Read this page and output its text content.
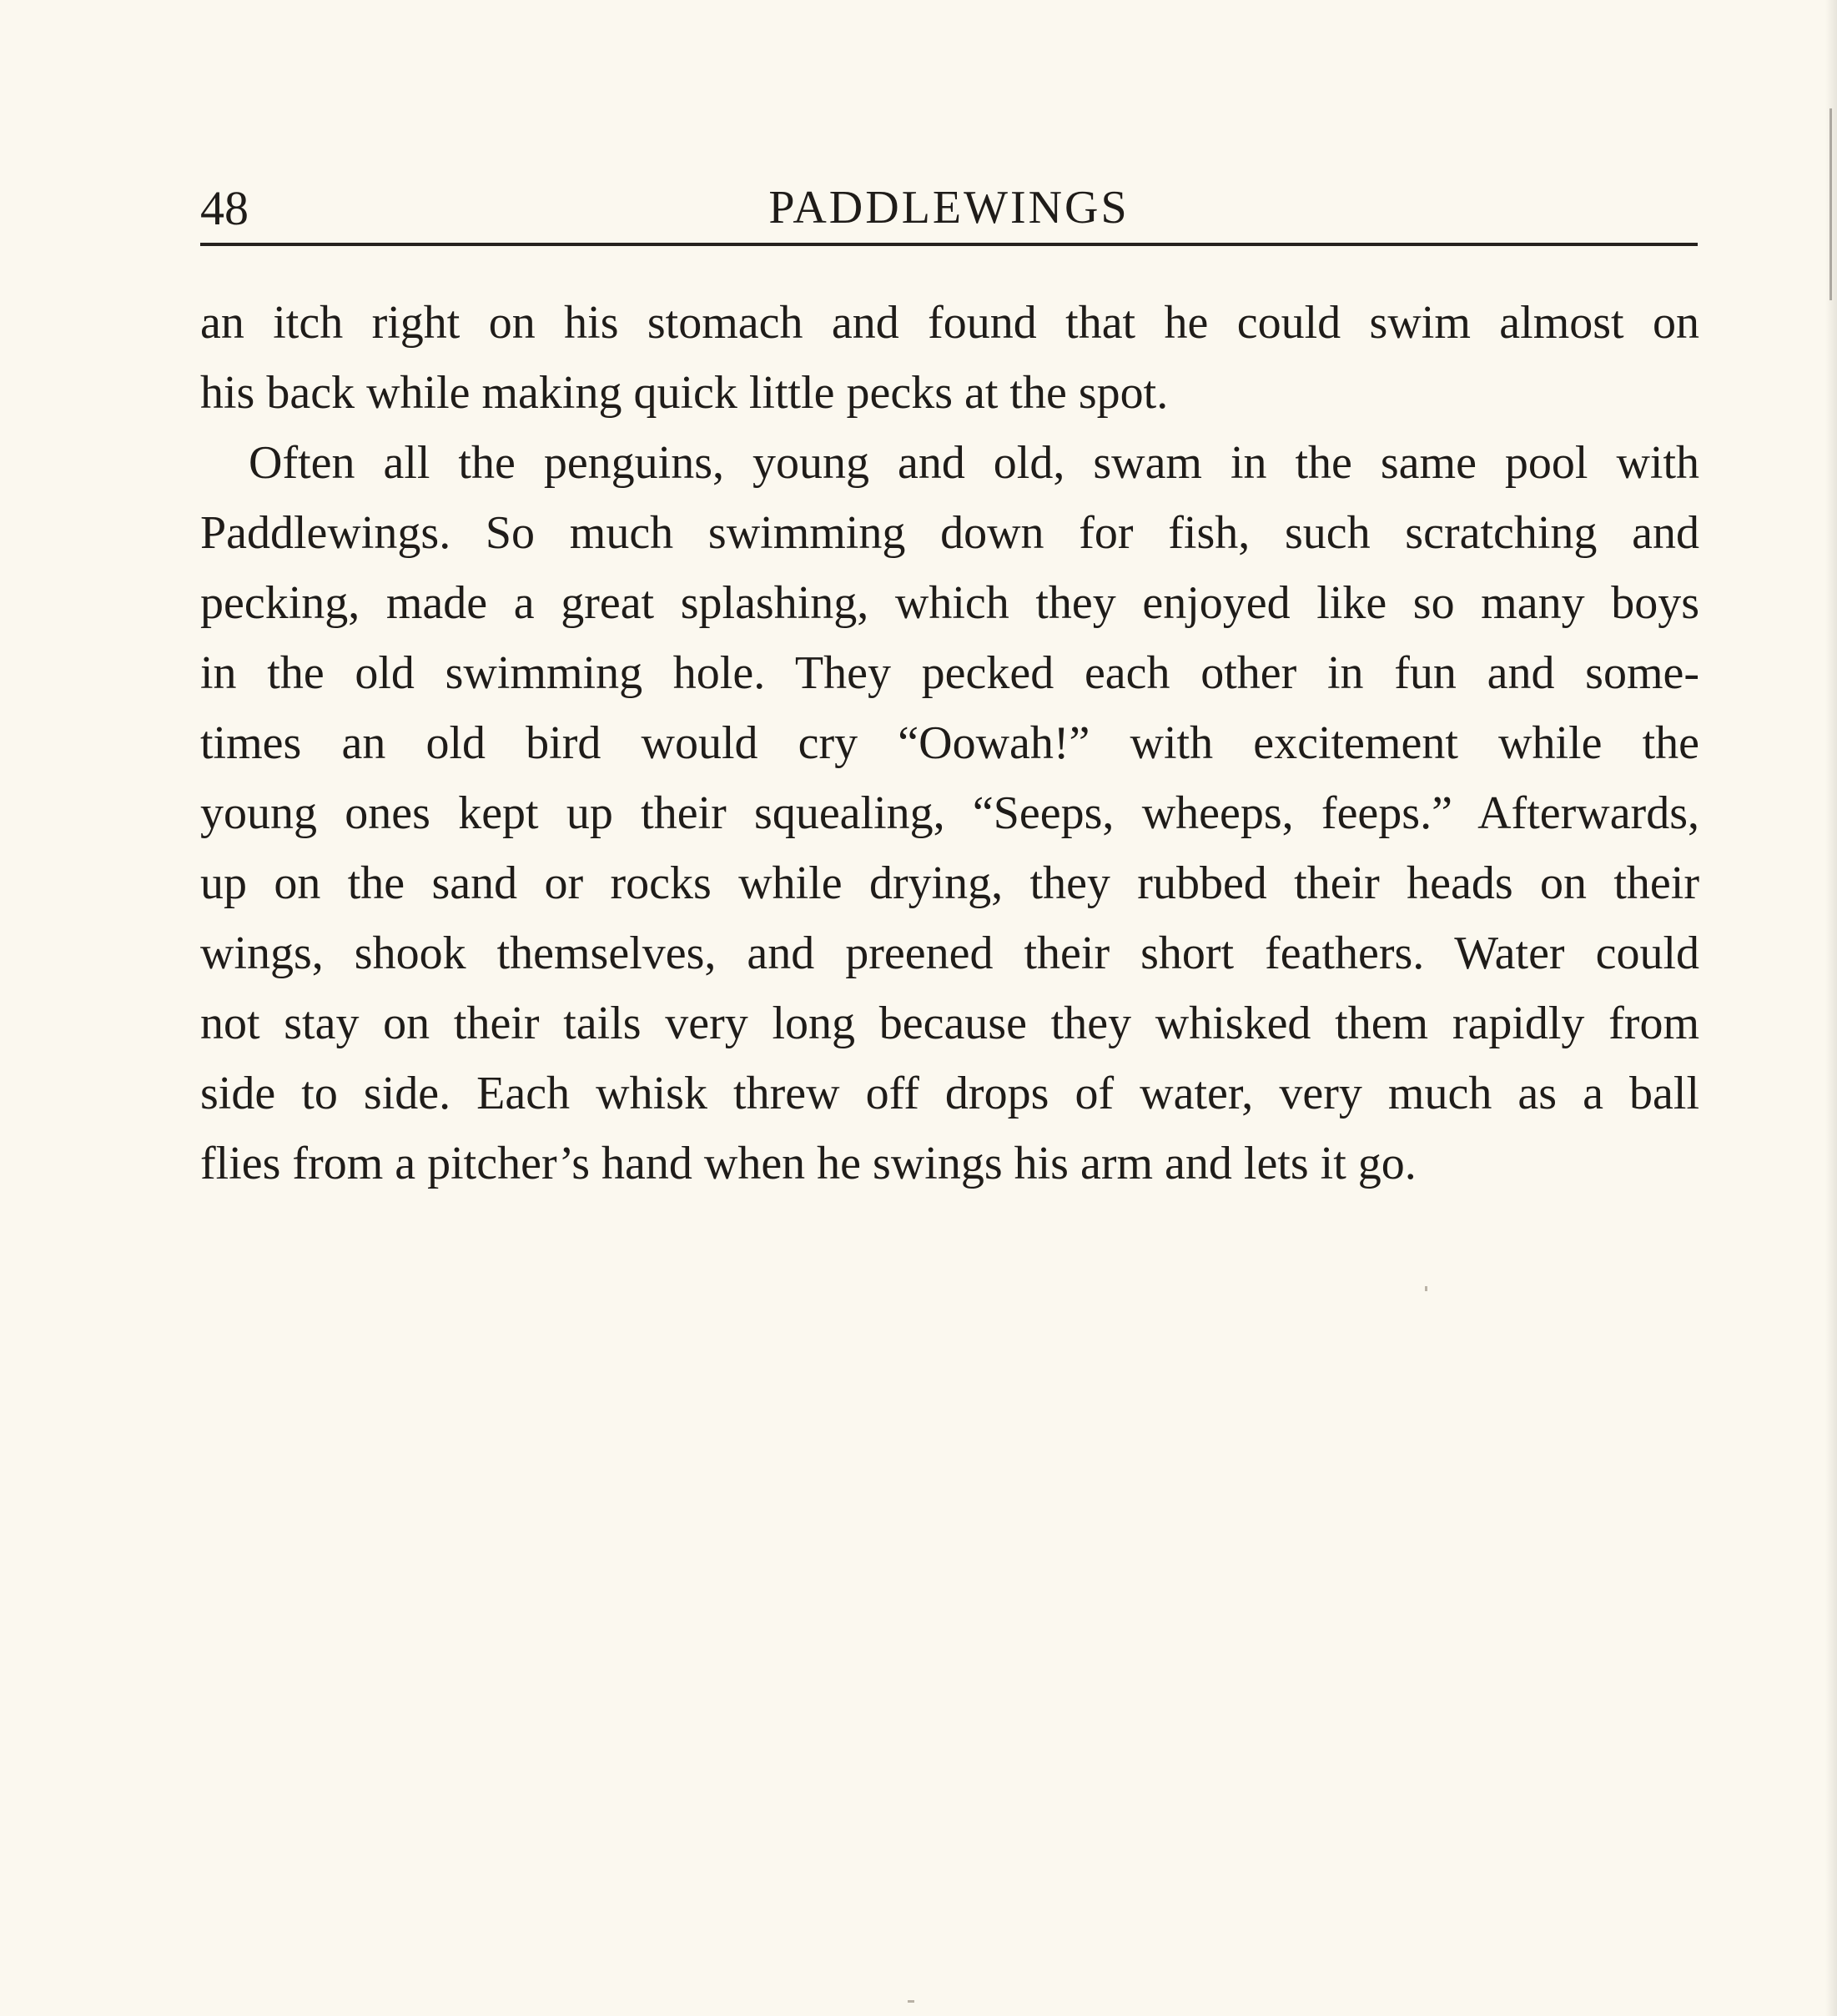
48	PADDLEWINGS
an itch right on his stomach and found that he could swim almost on
his back while making quick little pecks at the spot.
Often all the penguins, young and old, swam in the same pool with
Paddlewings. So much swimming down for fish, such scratching and
pecking, made a great splashing, which they enjoyed like so many boys
in the old swimming hole. They pecked each other in fun and some-
times an old bird would cry “Oowah!” with excitement while the
young ones kept up their squealing, “Seeps, wheeps, feeps.” Afterwards,
up on the sand or rocks while drying, they rubbed their heads on their
wings, shook themselves, and preened their short feathers. Water could
not stay on their tails very long because they whisked them rapidly from
side to side. Each whisk threw off drops of water, very much as a ball
flies from a pitcher’s hand when he swings his arm and lets it go.
